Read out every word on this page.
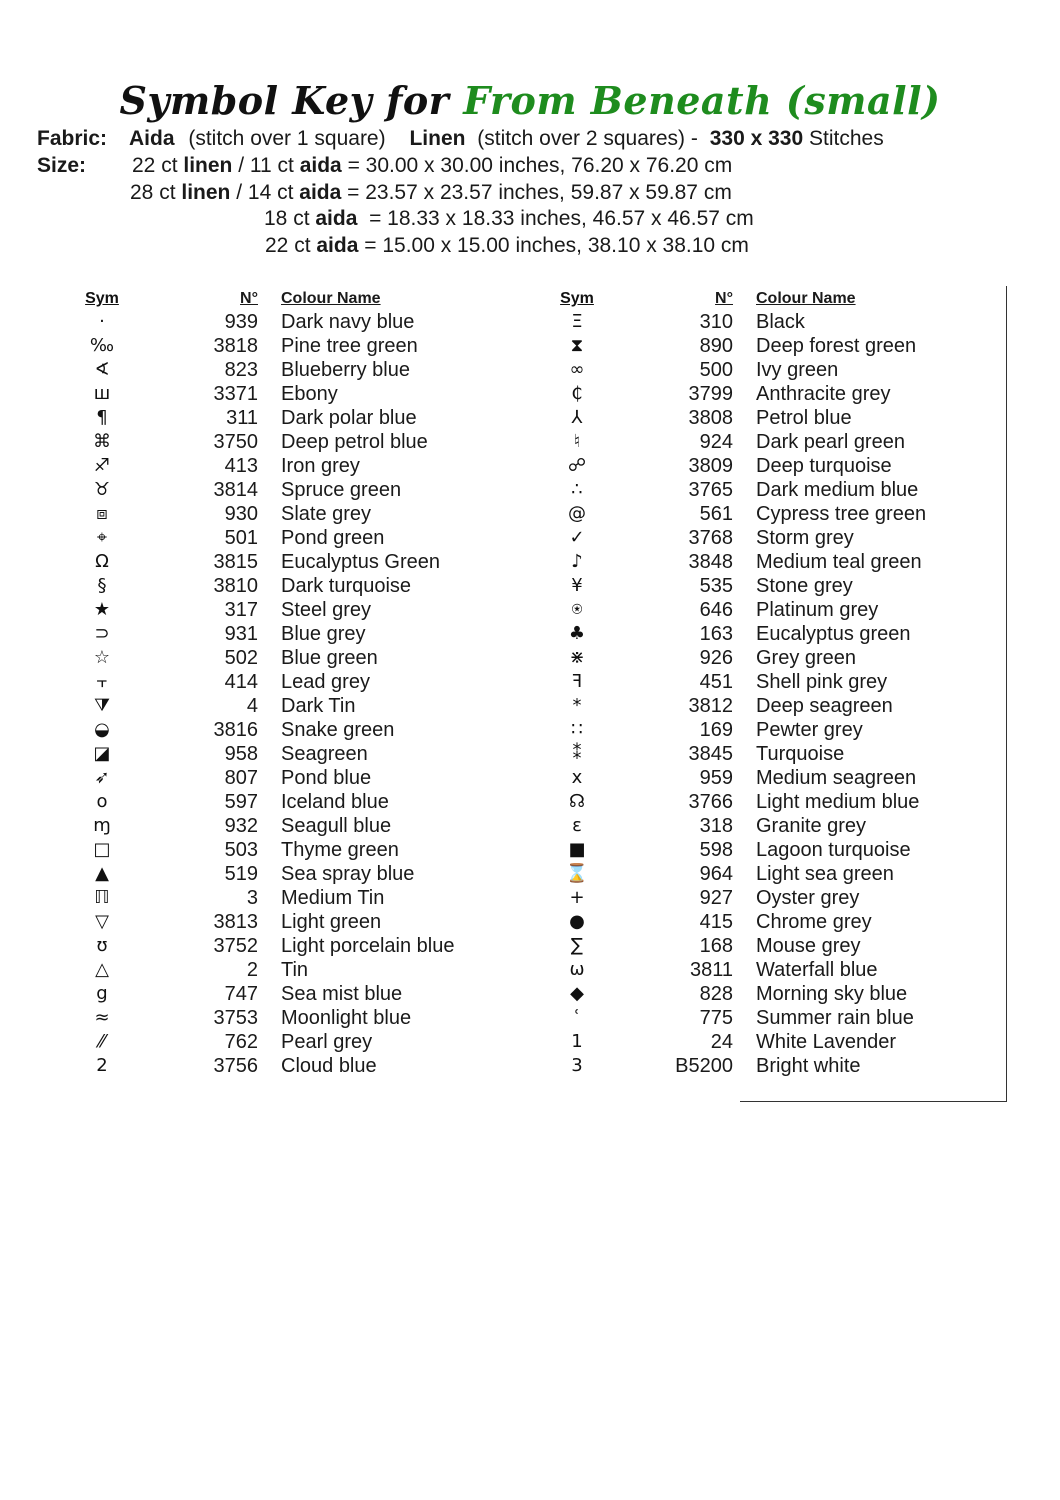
Symbol Key for From Beneath (small)
Fabric: Aida (stitch over 1 square) Linen (stitch over 2 squares) - 330 x 330 Stitches
Size: 22 ct linen / 11 ct aida = 30.00 x 30.00 inches, 76.20 x 76.20 cm
28 ct linen / 14 ct aida = 23.57 x 23.57 inches, 59.87 x 59.87 cm
18 ct aida  = 18.33 x 18.33 inches, 46.57 x 46.57 cm
22 ct aida = 15.00 x 15.00 inches, 38.10 x 38.10 cm
Sym	N°	Colour Name
·	939	Dark navy blue
‰	3818	Pine tree green
∢	823	Blueberry blue
ш	3371	Ebony
¶	311	Dark polar blue
⌘	3750	Deep petrol blue
♐	413	Iron grey
♉	3814	Spruce green
⧈	930	Slate grey
⌖	501	Pond green
Ω	3815	Eucalyptus Green
§	3810	Dark turquoise
★	317	Steel grey
⊃	931	Blue grey
☆	502	Blue green
⫟	414	Lead grey
⧩	4	Dark Tin
◒	3816	Snake green
◪	958	Seagreen
➶	807	Pond blue
o	597	Iceland blue
ɱ	932	Seagull blue
□	503	Thyme green
▲	519	Sea spray blue
ℿ	3	Medium Tin
▽	3813	Light green
ʊ	3752	Light porcelain blue
△	2	Tin
g	747	Sea mist blue
≈	3753	Moonlight blue
⁄⁄	762	Pearl grey
2	3756	Cloud blue
Sym	N°	Colour Name
Ξ	310	Black
⧗	890	Deep forest green
∞	500	Ivy green
₵	3799	Anthracite grey
⅄	3808	Petrol blue
♮	924	Dark pearl green
☍	3809	Deep turquoise
∴	3765	Dark medium blue
@	561	Cypress tree green
✓	3768	Storm grey
♪	3848	Medium teal green
¥	535	Stone grey
⍟	646	Platinum grey
♣	163	Eucalyptus green
⋇	926	Grey green
ꟻ	451	Shell pink grey
*	3812	Deep seagreen
∷	169	Pewter grey
⁑	3845	Turquoise
x	959	Medium seagreen
☊	3766	Light medium blue
ɛ	318	Granite grey
■	598	Lagoon turquoise
⌛	964	Light sea green
+	927	Oyster grey
●	415	Chrome grey
∑	168	Mouse grey
ω	3811	Waterfall blue
◆	828	Morning sky blue
ʿ	775	Summer rain blue
1	24	White Lavender
3	B5200	Bright white
